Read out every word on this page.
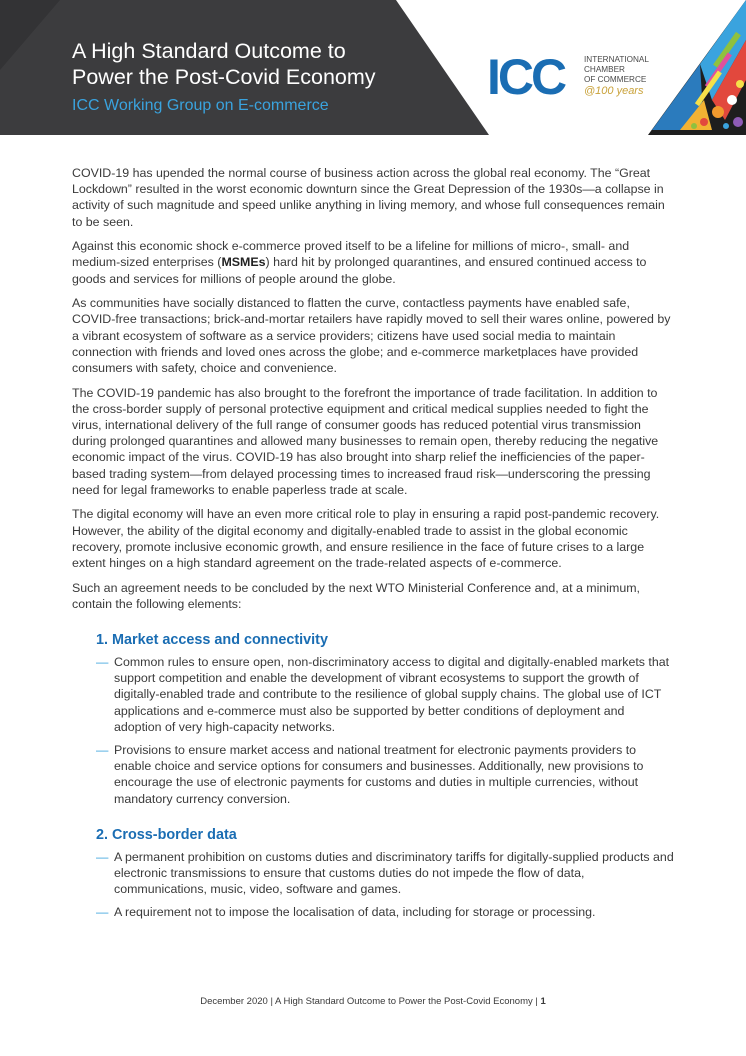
A High Standard Outcome to
Power the Post-Covid Economy
ICC Working Group on E-commerce
ICC INTERNATIONAL
CHAMBER
OF COMMERCE
@100 years

COVID-19 has upended the normal course of business action across the global real economy. The “Great Lockdown” resulted in the worst economic downturn since the Great Depression of the 1930s—a collapse in activity of such magnitude and speed unlike anything in living memory, and whose full consequences remain to be seen.

Against this economic shock e-commerce proved itself to be a lifeline for millions of micro-, small- and medium-sized enterprises (MSMEs) hard hit by prolonged quarantines, and ensured continued access to goods and services for millions of people around the globe.

As communities have socially distanced to flatten the curve, contactless payments have enabled safe, COVID-free transactions; brick-and-mortar retailers have rapidly moved to sell their wares online, powered by a vibrant ecosystem of software as a service providers; citizens have used social media to maintain connection with friends and loved ones across the globe; and e-commerce marketplaces have provided consumers with safety, choice and convenience.

The COVID-19 pandemic has also brought to the forefront the importance of trade facilitation. In addition to the cross-border supply of personal protective equipment and critical medical supplies needed to fight the virus, international delivery of the full range of consumer goods has reduced potential virus transmission during prolonged quarantines and allowed many businesses to remain open, thereby reducing the negative economic impact of the virus. COVID-19 has also brought into sharp relief the inefficiencies of the paper-based trading system—from delayed processing times to increased fraud risk—underscoring the pressing need for legal frameworks to enable paperless trade at scale.

The digital economy will have an even more critical role to play in ensuring a rapid post-pandemic recovery. However, the ability of the digital economy and digitally-enabled trade to assist in the global economic recovery, promote inclusive economic growth, and ensure resilience in the face of future crises to a large extent hinges on a high standard agreement on the trade-related aspects of e-commerce.

Such an agreement needs to be concluded by the next WTO Ministerial Conference and, at a minimum, contain the following elements:

1. Market access and connectivity
— Common rules to ensure open, non-discriminatory access to digital and digitally-enabled markets that support competition and enable the development of vibrant ecosystems to support the growth of digitally-enabled trade and contribute to the resilience of global supply chains. The global use of ICT applications and e-commerce must also be supported by better conditions of deployment and adoption of very high-capacity networks.
— Provisions to ensure market access and national treatment for electronic payments providers to enable choice and service options for consumers and businesses. Additionally, new provisions to encourage the use of electronic payments for customs and duties in multiple currencies, without mandatory currency conversion.
2. Cross-border data
— A permanent prohibition on customs duties and discriminatory tariffs for digitally-supplied products and electronic transmissions to ensure that customs duties do not impede the flow of data, communications, music, video, software and games.
— A requirement not to impose the localisation of data, including for storage or processing.
December 2020 | A High Standard Outcome to Power the Post-Covid Economy | 1
